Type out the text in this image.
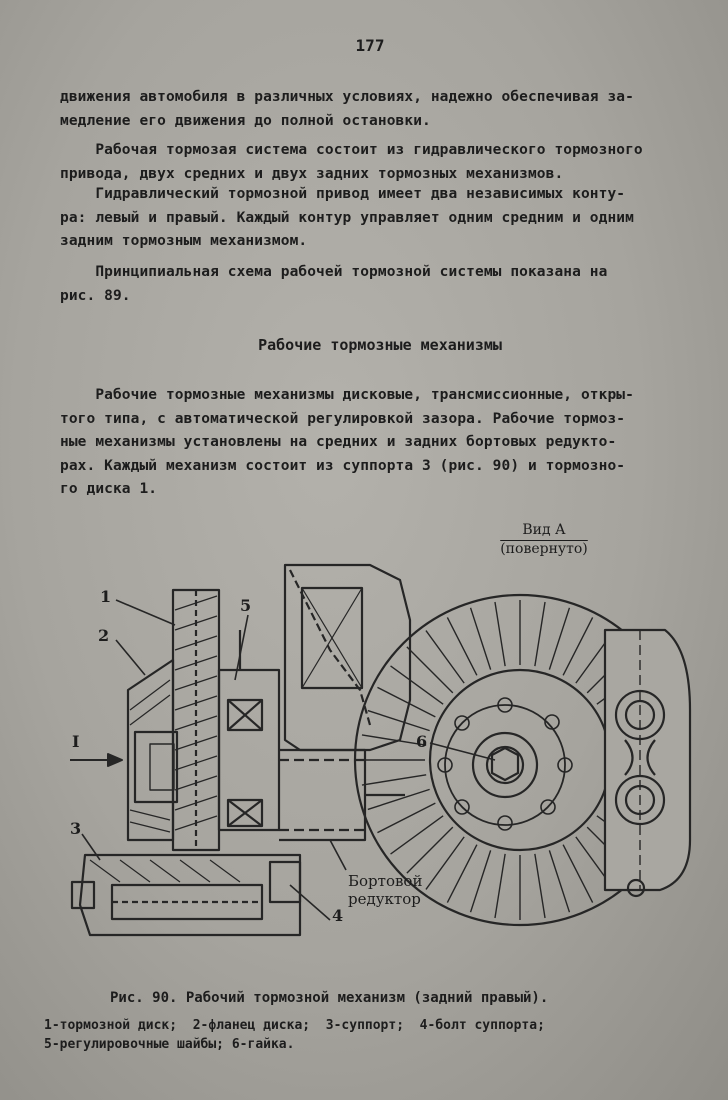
177
движения автомобиля в различных условиях, надежно обеспечивая за-
медление его движения до полной остановки.
Рабочая тормозая система состоит из гидравлического тормозного
привода, двух средних и двух задних тормозных механизмов.
Гидравлический тормозной привод имеет два независимых конту-
ра: левый и правый. Каждый контур управляет одним средним и одним
задним тормозным механизмом.
Принципиальная схема рабочей тормозной системы показана на
рис. 89.
Рабочие тормозные механизмы
Рабочие тормозные механизмы дисковые, трансмиссионные, откры-
того типа, с автоматической регулировкой зазора. Рабочие тормоз-
ные механизмы установлены на средних и задних бортовых редукто-
рах. Каждый механизм состоит из суппорта 3 (рис. 90) и тормозно-
го диска 1.
1
2
5
3
4
6
I
Вид А
(повернуто)
Бортовой
редуктор
Рис. 90. Рабочий тормозной механизм (задний правый).
1-тормозной диск;  2-фланец диска;  3-суппорт;  4-болт суппорта;
5-регулировочные шайбы; 6-гайка.
